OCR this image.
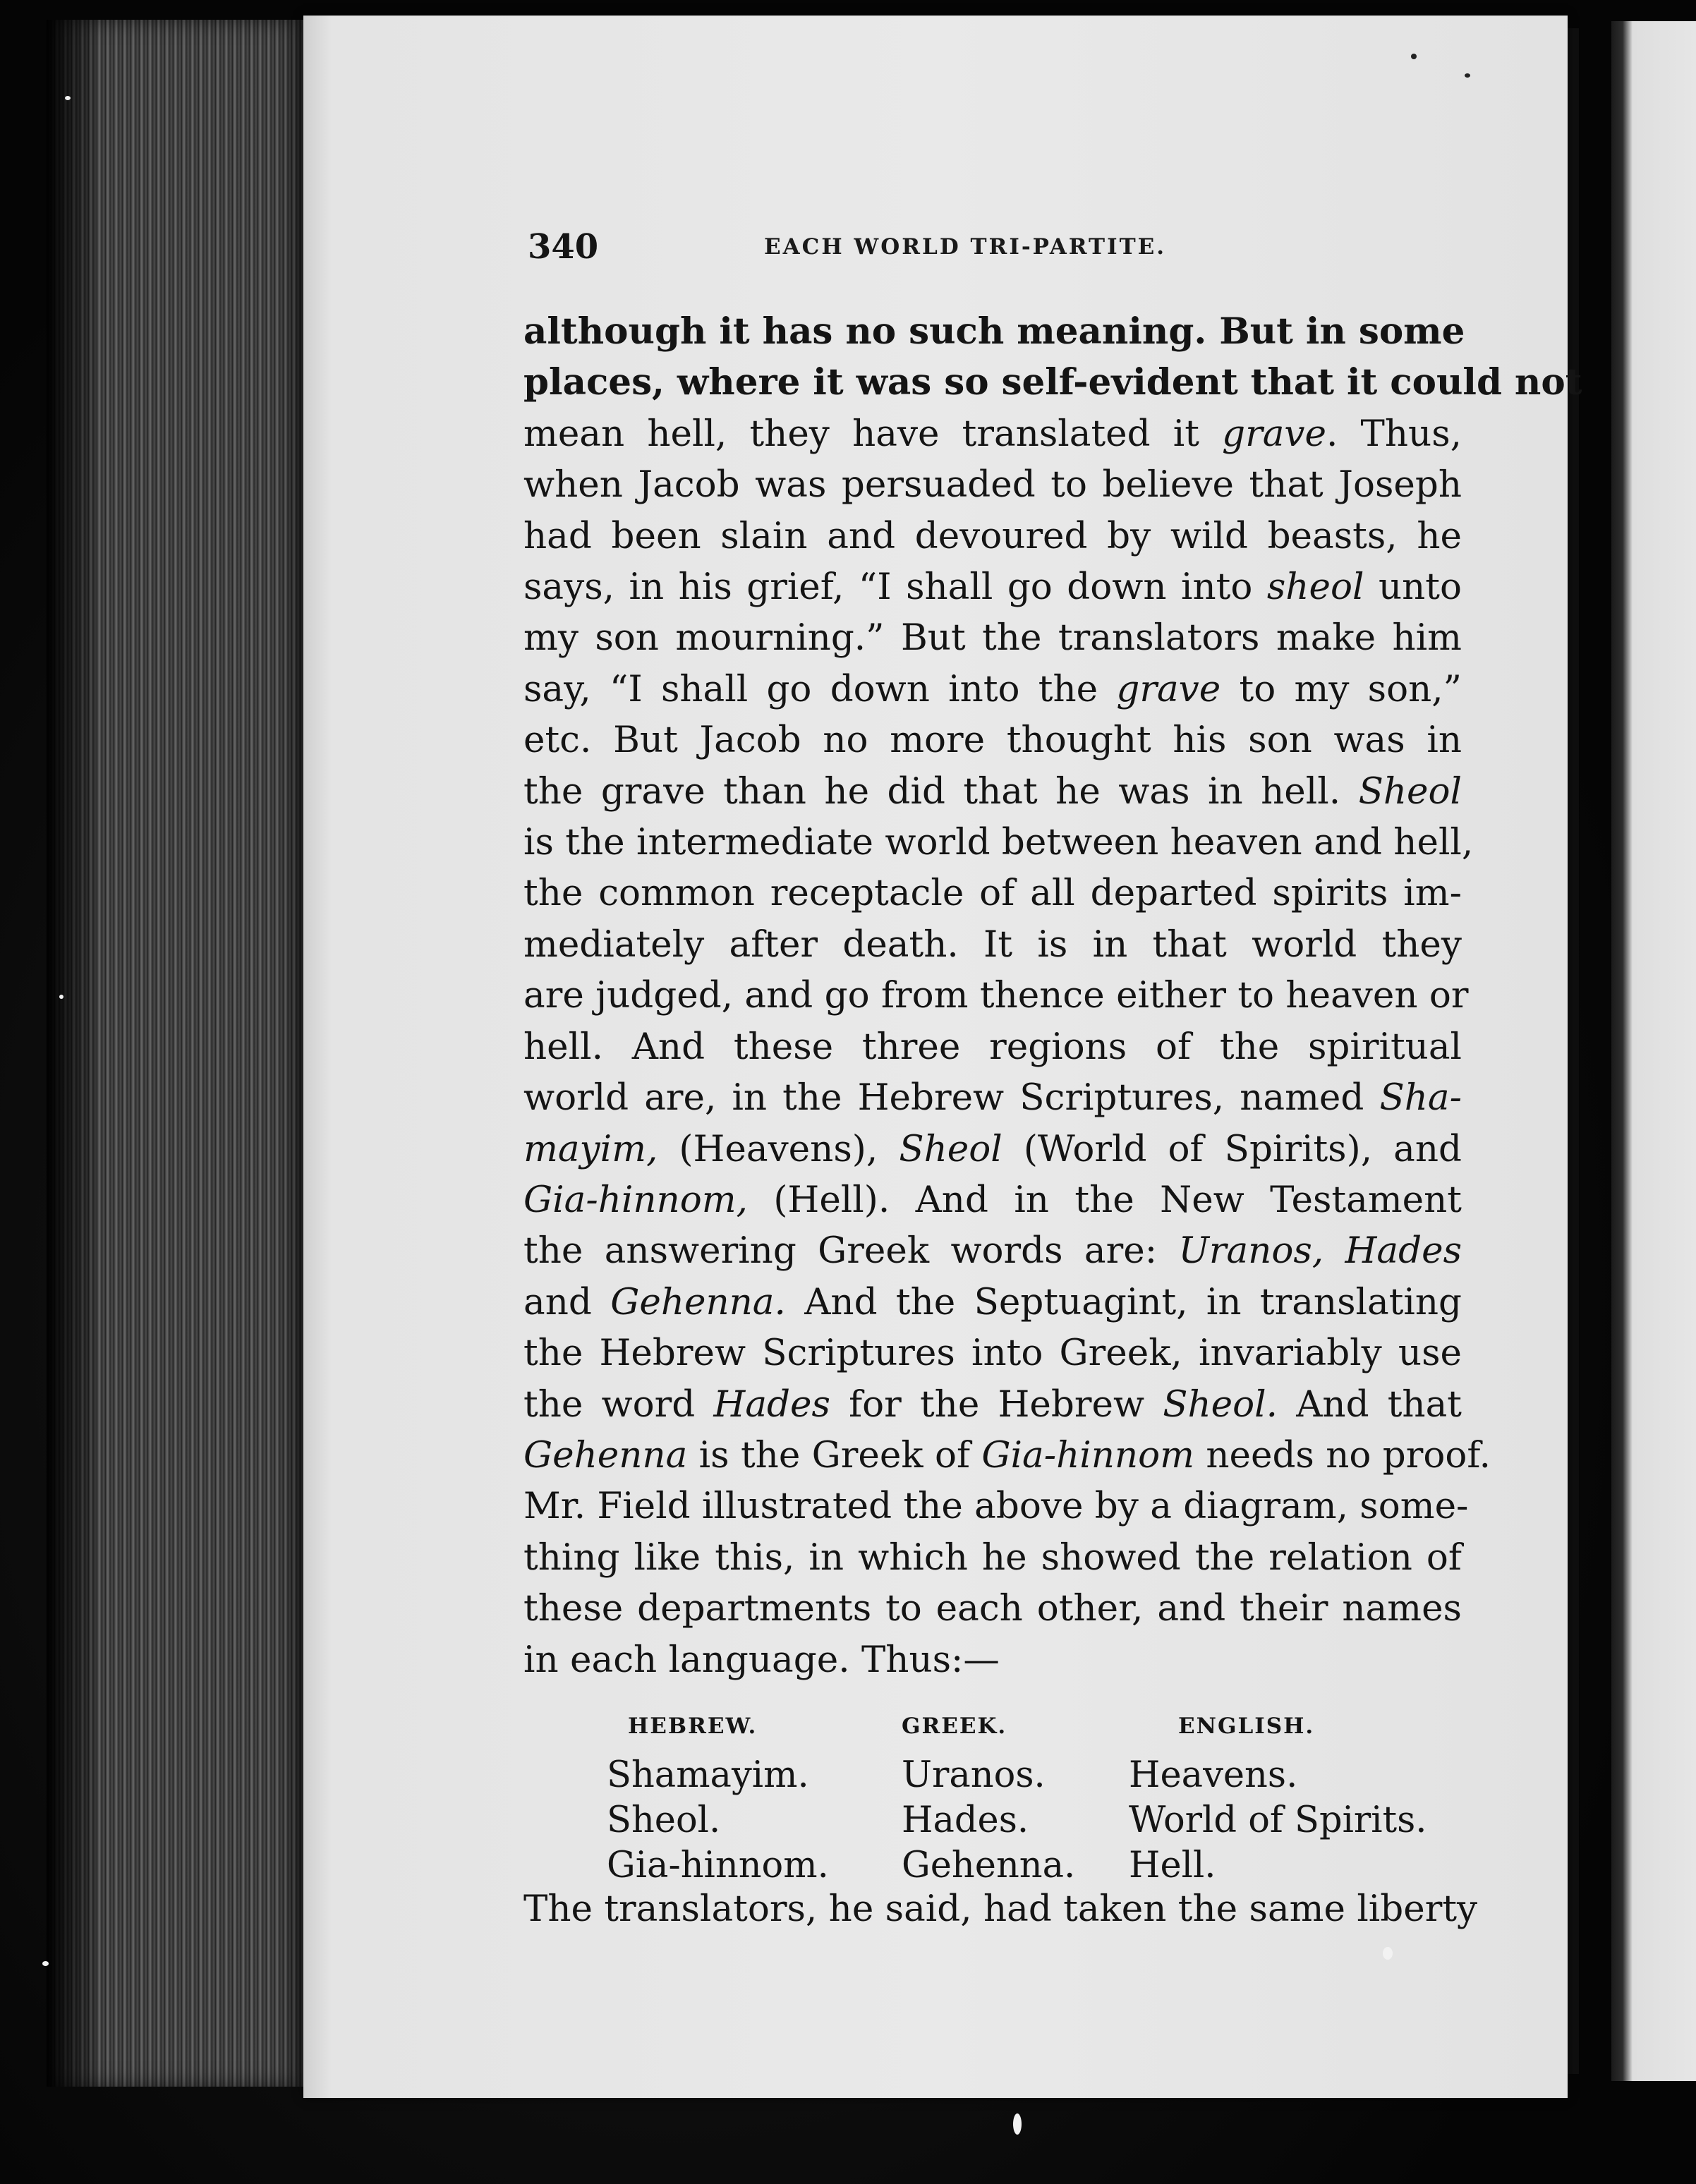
340	EACH WORLD TRI-PARTITE.
although it has no such meaning. But in some
places, where it was so self-evident that it could not
mean hell, they have translated it grave. Thus,
when Jacob was persuaded to believe that Joseph
had been slain and devoured by wild beasts, he
says, in his grief, “I shall go down into sheol unto
my son mourning.” But the translators make him
say, “I shall go down into the grave to my son,”
etc. But Jacob no more thought his son was in
the grave than he did that he was in hell. Sheol
is the intermediate world between heaven and hell,
the common receptacle of all departed spirits im-
mediately after death. It is in that world they
are judged, and go from thence either to heaven or
hell. And these three regions of the spiritual
world are, in the Hebrew Scriptures, named Sha-
mayim, (Heavens), Sheol (World of Spirits), and
Gia-hinnom, (Hell). And in the New Testament
the answering Greek words are: Uranos, Hades
and Gehenna. And the Septuagint, in translating
the Hebrew Scriptures into Greek, invariably use
the word Hades for the Hebrew Sheol. And that
Gehenna is the Greek of Gia-hinnom needs no proof.
Mr. Field illustrated the above by a diagram, some-
thing like this, in which he showed the relation of
these departments to each other, and their names
in each language. Thus:—
HEBREW.
Shamayim.
Sheol.
Gia-hinnom.
GREEK.
Uranos.
Hades.
Gehenna.
ENGLISH.
Heavens.
World of Spirits.
Hell.
The translators, he said, had taken the same liberty
